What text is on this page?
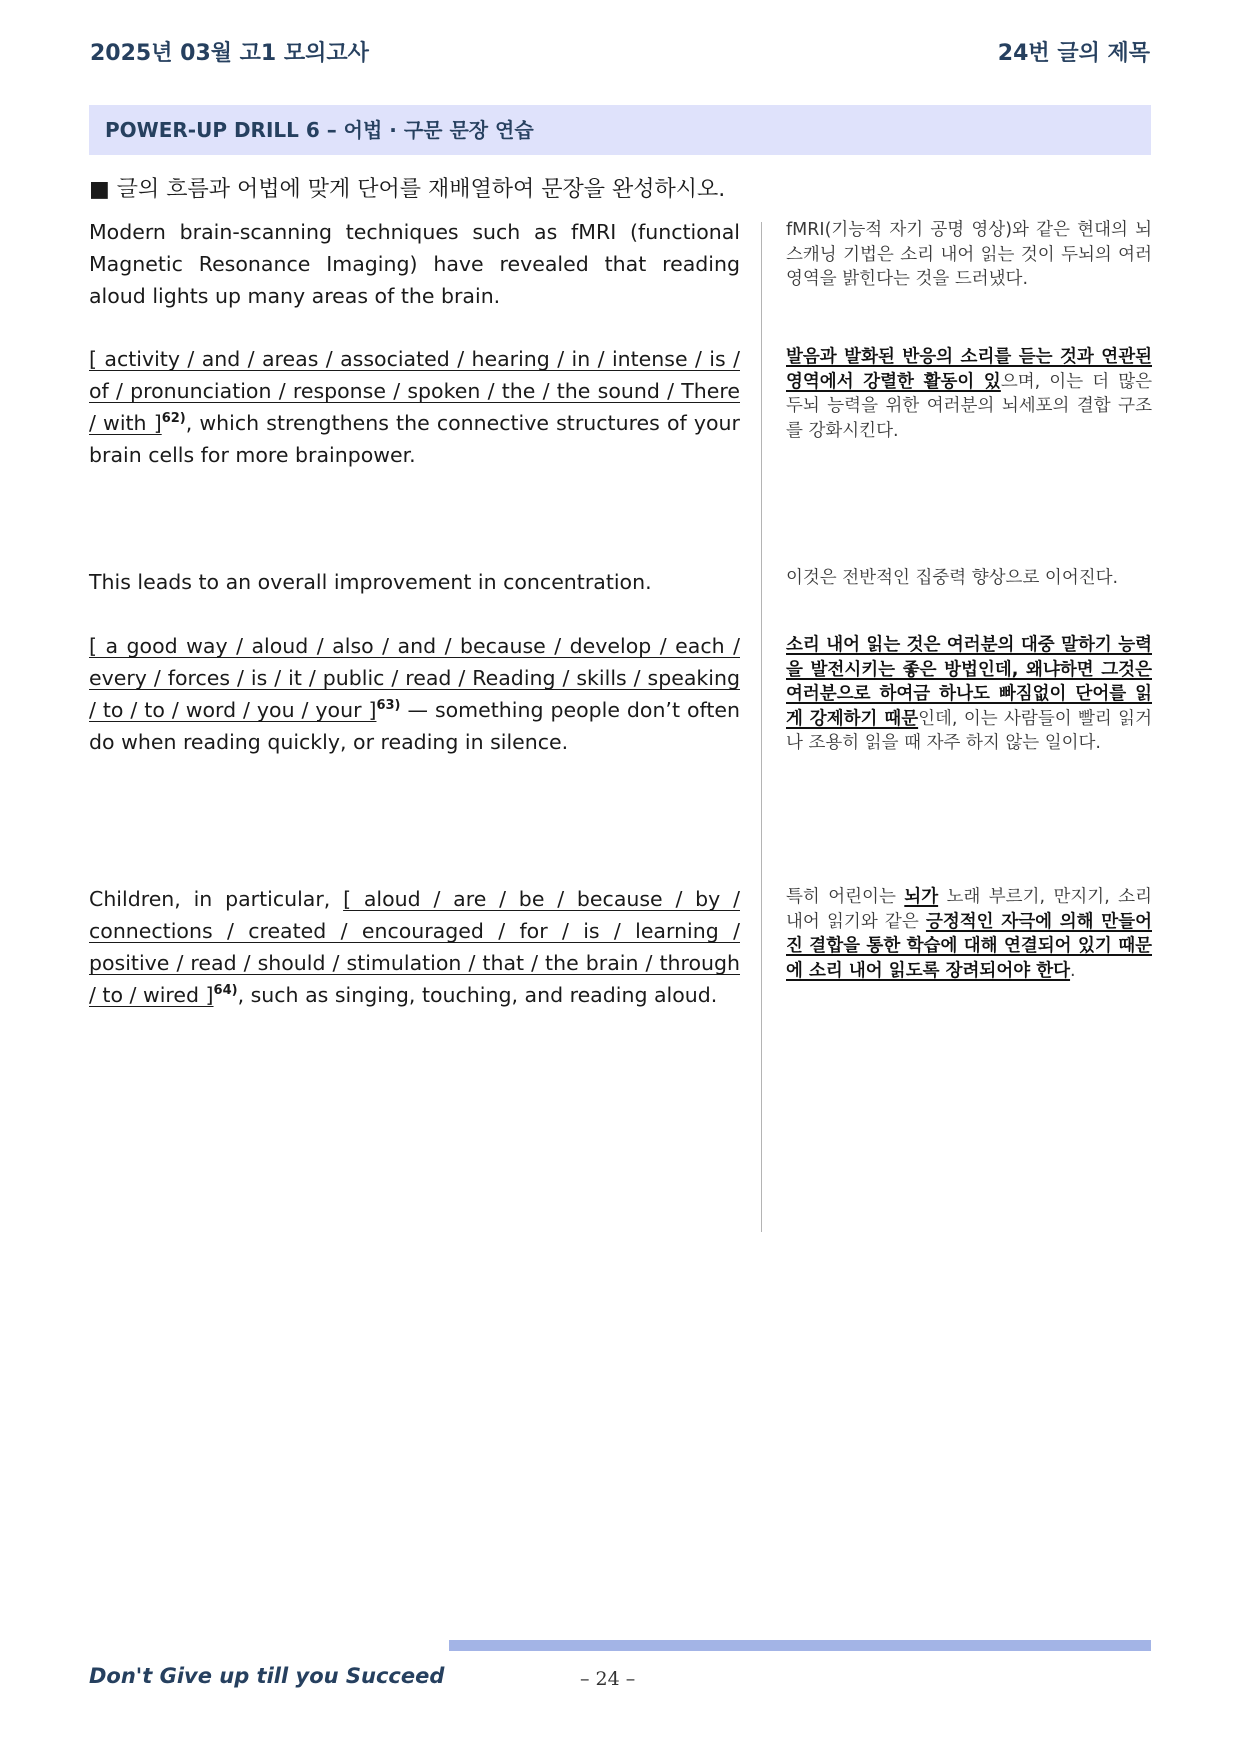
2025년 03월 고1 모의고사	24번 글의 제목
POWER-UP DRILL 6 – 어법 · 구문 문장 연습
■ 글의 흐름과 어법에 맞게 단어를 재배열하여 문장을 완성하시오.
Modern brain-scanning techniques such as fMRI (functional Magnetic Resonance Imaging) have revealed that reading aloud lights up many areas of the brain.
fMRI(기능적 자기 공명 영상)와 같은 현대의 뇌 스캐닝 기법은 소리 내어 읽는 것이 두뇌의 여러 영역을 밝힌다는 것을 드러냈다.
[ activity / and / areas / associated / hearing / in / intense / is / of / pronunciation / response / spoken / the / the sound / There / with ]$^{62)}$, which strengthens the connective structures of your brain cells for more brainpower.
발음과 발화된 반응의 소리를 듣는 것과 연관된 영역에서 강렬한 활동이 있으며, 이는 더 많은 두뇌 능력을 위한 여러분의 뇌세포의 결합 구조를 강화시킨다.
This leads to an overall improvement in concentration.	이것은 전반적인 집중력 향상으로 이어진다.
[ a good way / aloud / also / and / because / develop / each / every / forces / is / it / public / read / Reading / skills / speaking / to / to / word / you / your ]$^{63)}$ — something people don’t often do when reading quickly, or reading in silence.
소리 내어 읽는 것은 여러분의 대중 말하기 능력을 발전시키는 좋은 방법인데, 왜냐하면 그것은 여러분으로 하여금 하나도 빠짐없이 단어를 읽게 강제하기 때문인데, 이는 사람들이 빨리 읽거나 조용히 읽을 때 자주 하지 않는 일이다.
Children, in particular, [ aloud / are / be / because / by / connections / created / encouraged / for / is / learning / positive / read / should / stimulation / that / the brain / through / to / wired ]$^{64)}$, such as singing, touching, and reading aloud.
특히 어린이는 뇌가 노래 부르기, 만지기, 소리 내어 읽기와 같은 긍정적인 자극에 의해 만들어진 결합을 통한 학습에 대해 연결되어 있기 때문에 소리 내어 읽도록 장려되어야 한다.
Don't Give up till you Succeed	– 24 –
